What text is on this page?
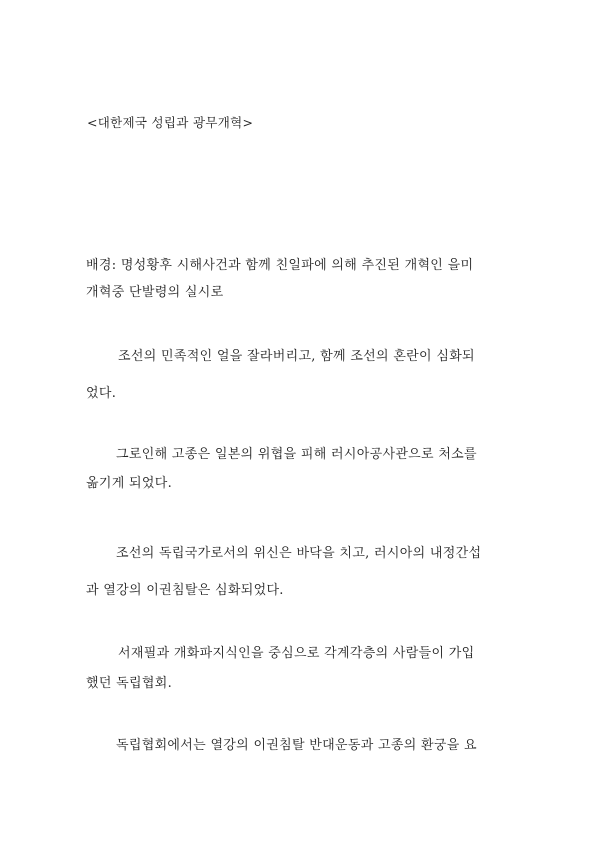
<대한제국 성립과 광무개혁>
배경: 명성황후 시해사건과 함께 친일파에 의해 추진된 개혁인 을미
개혁중 단발령의 실시로
조선의 민족적인 얼을 잘라버리고, 함께 조선의 혼란이 심화되
었다.
그로인해 고종은 일본의 위협을 피해 러시아공사관으로 처소를
옮기게 되었다.
조선의 독립국가로서의 위신은 바닥을 치고, 러시아의 내정간섭
과 열강의 이권침탈은 심화되었다.
서재필과 개화파지식인을 중심으로 각계각층의 사람들이 가입
했던 독립협회.
독립협회에서는 열강의 이권침탈 반대운동과 고종의 환궁을 요
